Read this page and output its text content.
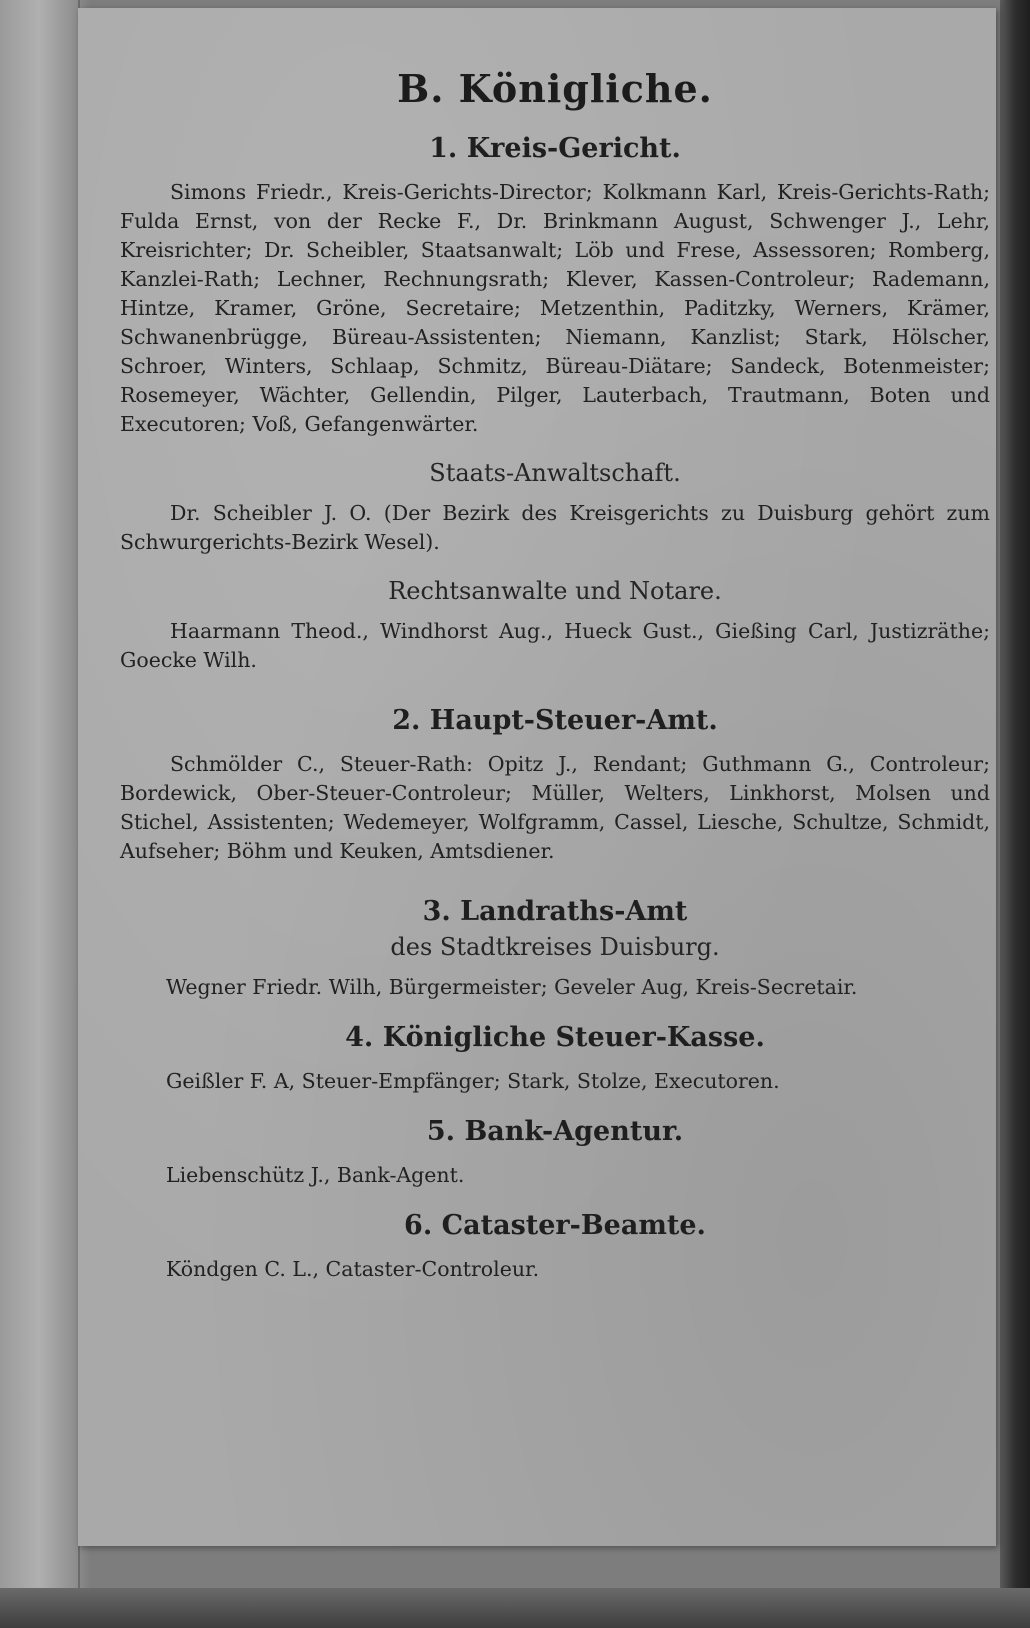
B. Königliche.
1. Kreis-Gericht.
Simons Friedr., Kreis-Gerichts-Director; Kolkmann Karl, Kreis-Gerichts-Rath; Fulda Ernst, von der Recke F., Dr. Brinkmann August, Schwenger J., Lehr, Kreisrichter; Dr. Scheibler, Staatsanwalt; Löb und Frese, Assessoren; Romberg, Kanzlei-Rath; Lechner, Rechnungsrath; Klever, Kassen-Controleur; Rademann, Hintze, Kramer, Gröne, Secretaire; Metzenthin, Paditzky, Werners, Krämer, Schwanenbrügge, Büreau-Assistenten; Niemann, Kanzlist; Stark, Hölscher, Schroer, Winters, Schlaap, Schmitz, Büreau-Diätare; Sandeck, Botenmeister; Rosemeyer, Wächter, Gellendin, Pilger, Lauterbach, Trautmann, Boten und Executoren; Voß, Gefangenwärter.
Staats-Anwaltschaft.
Dr. Scheibler J. O. (Der Bezirk des Kreisgerichts zu Duisburg gehört zum Schwurgerichts-Bezirk Wesel).
Rechtsanwalte und Notare.
Haarmann Theod., Windhorst Aug., Hueck Gust., Gießing Carl, Justizräthe; Goecke Wilh.
2. Haupt-Steuer-Amt.
Schmölder C., Steuer-Rath: Opitz J., Rendant; Guthmann G., Controleur; Bordewick, Ober-Steuer-Controleur; Müller, Welters, Linkhorst, Molsen und Stichel, Assistenten; Wedemeyer, Wolfgramm, Cassel, Liesche, Schultze, Schmidt, Aufseher; Böhm und Keuken, Amtsdiener.
3. Landraths-Amt
des Stadtkreises Duisburg.
Wegner Friedr. Wilh, Bürgermeister; Geveler Aug, Kreis-Secretair.
4. Königliche Steuer-Kasse.
Geißler F. A, Steuer-Empfänger; Stark, Stolze, Executoren.
5. Bank-Agentur.
Liebenschütz J., Bank-Agent.
6. Cataster-Beamte.
Köndgen C. L., Cataster-Controleur.
